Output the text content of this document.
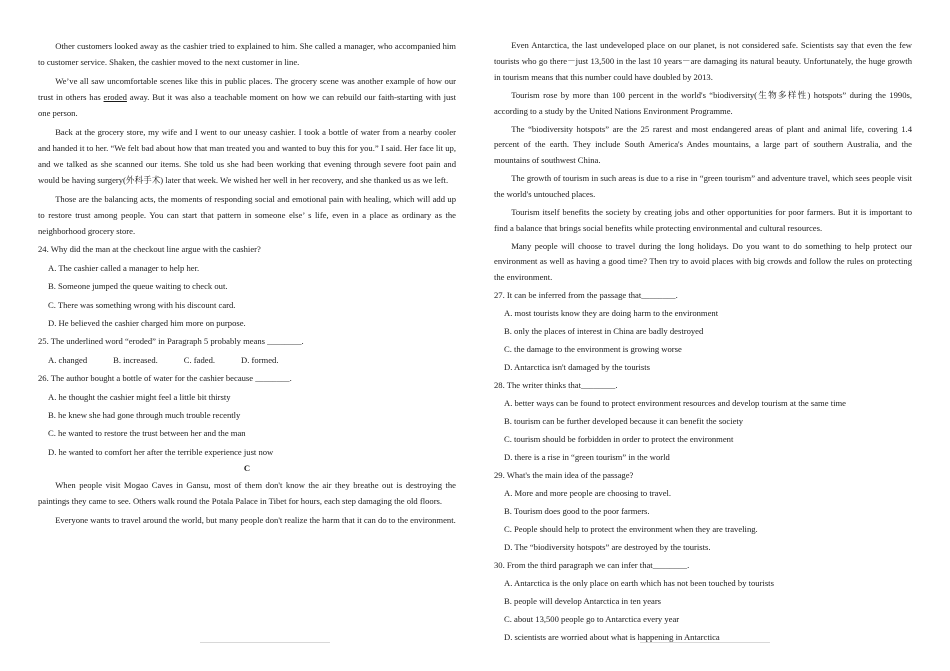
Other customers looked away as the cashier tried to explained to him. She called a manager, who accompanied him to customer service. Shaken, the cashier moved to the next customer in line.

We’ve all saw uncomfortable scenes like this in public places. The grocery scene was another example of how our trust in others has eroded away. But it was also a teachable moment on how we can rebuild our faith-starting with just one person.

Back at the grocery store, my wife and I went to our uneasy cashier. I took a bottle of water from a nearby cooler and handed it to her. “We felt bad about how that man treated you and wanted to buy this for you.” I said. Her face lit up, and we talked as she scanned our items. She told us she had been working that evening through severe foot pain and would be having surgery(外科手术) later that week. We wished her well in her recovery, and she thanked us as we left.

Those are the balancing acts, the moments of responding social and emotional pain with healing, which will add up to restore trust among people. You can start that pattern in someone else’ s life, even in a place as ordinary as the neighborhood grocery store.

24. Why did the man at the checkout line argue with the cashier?

A. The cashier called a manager to help her.

B. Someone jumped the queue waiting to check out.

C. There was something wrong with his discount card.

D. He believed the cashier charged him more on purpose.

25. The underlined word “eroded” in Paragraph 5 probably means ________.

A. changed	B. increased.	C. faded.	D. formed.

26. The author bought a bottle of water for the cashier because ________.

A. he thought the cashier might feel a little bit thirsty

B. he knew she had gone through much trouble recently

C. he wanted to restore the trust between her and the man

D. he wanted to comfort her after the terrible experience just now

C

When people visit Mogao Caves in Gansu, most of them don't know the air they breathe out is destroying the paintings they came to see. Others walk round the Potala Palace in Tibet for hours, each step damaging the old floors.

Everyone wants to travel around the world, but many people don't realize the harm that it can do to the environment.

Even Antarctica, the last undeveloped place on our planet, is not considered safe. Scientists say that even the few tourists who go there－just 13,500 in the last 10 years－are damaging its natural beauty. Unfortunately, the huge growth in tourism means that this number could have doubled by 2013.

Tourism rose by more than 100 percent in the world's “biodiversity(生物多样性) hotspots” during the 1990s, according to a study by the United Nations Environment Programme.

The “biodiversity hotspots” are the 25 rarest and most endangered areas of plant and animal life, covering 1.4 percent of the earth. They include South America's Andes mountains, a large part of southern Australia, and the mountains of southwest China.

The growth of tourism in such areas is due to a rise in “green tourism” and adventure travel, which sees people visit the world's untouched places.

Tourism itself benefits the society by creating jobs and other opportunities for poor farmers. But it is important to find a balance that brings social benefits while protecting environmental and cultural resources.

Many people will choose to travel during the long holidays. Do you want to do something to help protect our environment as well as having a good time? Then try to avoid places with big crowds and follow the rules on protecting the environment.

27. It can be inferred from the passage that________.

A. most tourists know they are doing harm to the environment

B. only the places of interest in China are badly destroyed

C. the damage to the environment is growing worse

D. Antarctica isn't damaged by the tourists

28. The writer thinks that________.

A. better ways can be found to protect environment resources and develop tourism at the same time

B. tourism can be further developed because it can benefit the society

C. tourism should be forbidden in order to protect the environment

D. there is a rise in “green tourism” in the world

29. What's the main idea of the passage?

A. More and more people are choosing to travel.

B. Tourism does good to the poor farmers.

C. People should help to protect the environment when they are traveling.

D. The “biodiversity hotspots” are destroyed by the tourists.

30. From the third paragraph we can infer that________.

A. Antarctica is the only place on earth which has not been touched by tourists

B. people will develop Antarctica in ten years

C. about 13,500 people go to Antarctica every year

D. scientists are worried about what is happening in Antarctica
